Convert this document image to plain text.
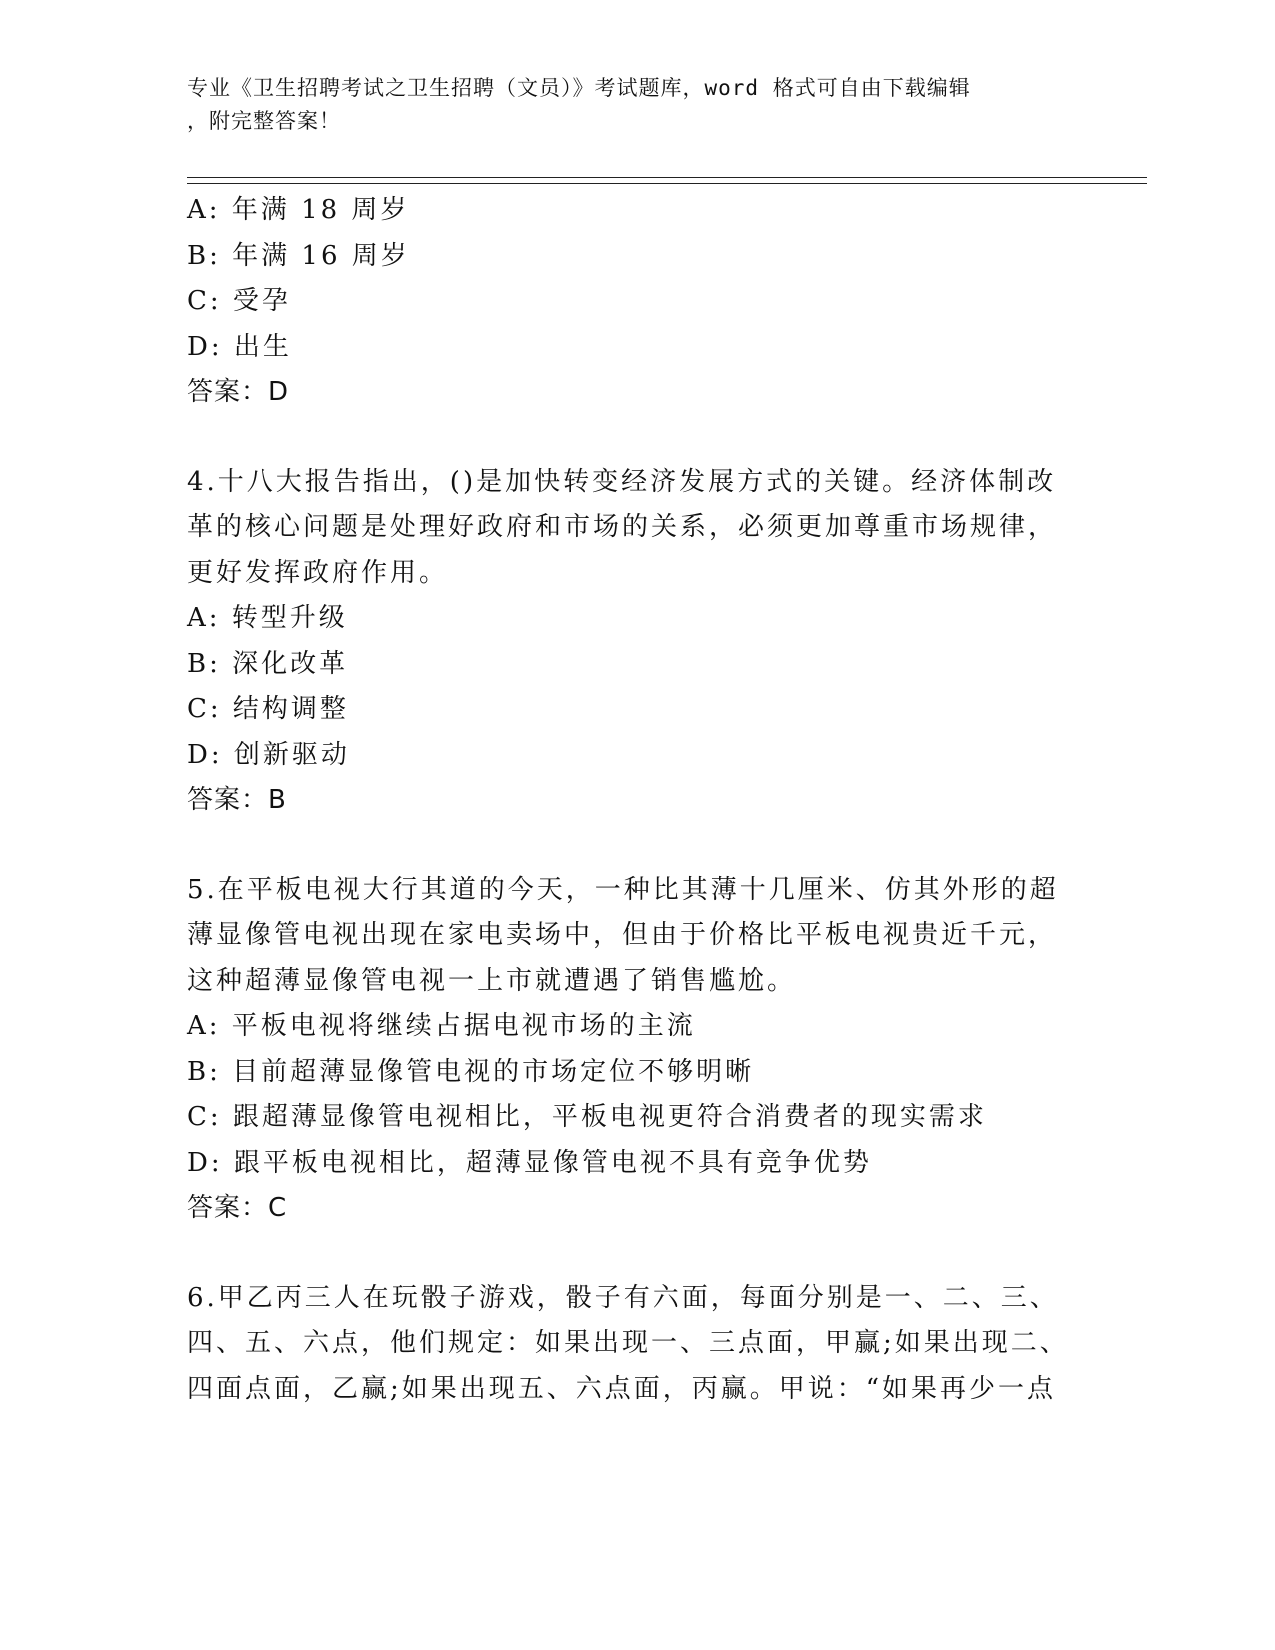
专业《卫生招聘考试之卫生招聘（文员）》考试题库，word 格式可自由下载编辑
，附完整答案！
A: 年满 18 周岁
B: 年满 16 周岁
C: 受孕
D: 出生
答案：D
4.十八大报告指出，()是加快转变经济发展方式的关键。经济体制改
革的核心问题是处理好政府和市场的关系，必须更加尊重市场规律，
更好发挥政府作用。
A: 转型升级
B: 深化改革
C: 结构调整
D: 创新驱动
答案：B
5.在平板电视大行其道的今天，一种比其薄十几厘米、仿其外形的超
薄显像管电视出现在家电卖场中，但由于价格比平板电视贵近千元，
这种超薄显像管电视一上市就遭遇了销售尴尬。
A: 平板电视将继续占据电视市场的主流
B: 目前超薄显像管电视的市场定位不够明晰
C: 跟超薄显像管电视相比，平板电视更符合消费者的现实需求
D: 跟平板电视相比，超薄显像管电视不具有竞争优势
答案：C
6.甲乙丙三人在玩骰子游戏，骰子有六面，每面分别是一、二、三、
四、五、六点，他们规定：如果出现一、三点面，甲赢;如果出现二、
四面点面，乙赢;如果出现五、六点面，丙赢。甲说：“如果再少一点
